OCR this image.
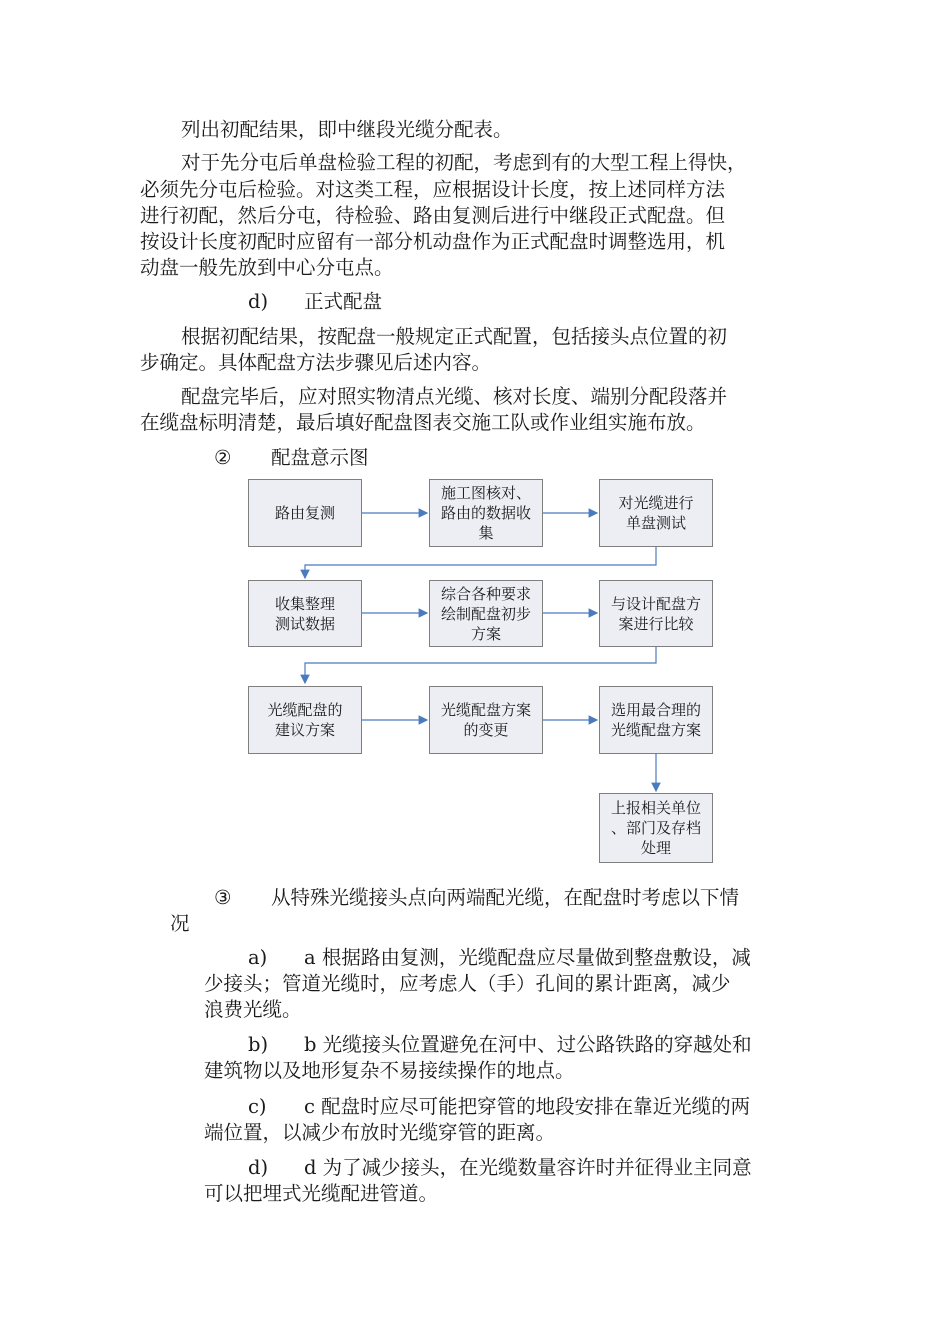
列出初配结果，即中继段光缆分配表。
对于先分屯后单盘检验工程的初配，考虑到有的大型工程上得快，
必须先分屯后检验。对这类工程，应根据设计长度，按上述同样方法
进行初配，然后分屯，待检验、路由复测后进行中继段正式配盘。但
按设计长度初配时应留有一部分机动盘作为正式配盘时调整选用，机
动盘一般先放到中心分屯点。
d) 正式配盘
根据初配结果，按配盘一般规定正式配置，包括接头点位置的初
步确定。具体配盘方法步骤见后述内容。
配盘完毕后，应对照实物清点光缆、核对长度、端别分配段落并
在缆盘标明清楚，最后填好配盘图表交施工队或作业组实施布放。
② 配盘意示图
路由复测
施工图核对、
路由的数据收
集
对光缆进行
单盘测试
收集整理
测试数据
综合各种要求
绘制配盘初步
方案
与设计配盘方
案进行比较
光缆配盘的
建议方案
光缆配盘方案
的变更
选用最合理的
光缆配盘方案
上报相关单位
、部门及存档
处理
③ 从特殊光缆接头点向两端配光缆，在配盘时考虑以下情
况
a) a 根据路由复测，光缆配盘应尽量做到整盘敷设，减
少接头；管道光缆时，应考虑人（手）孔间的累计距离，减少
浪费光缆。
b) b 光缆接头位置避免在河中、过公路铁路的穿越处和
建筑物以及地形复杂不易接续操作的地点。
c) c 配盘时应尽可能把穿管的地段安排在靠近光缆的两
端位置，以减少布放时光缆穿管的距离。
d) d 为了减少接头，在光缆数量容许时并征得业主同意
可以把埋式光缆配进管道。
